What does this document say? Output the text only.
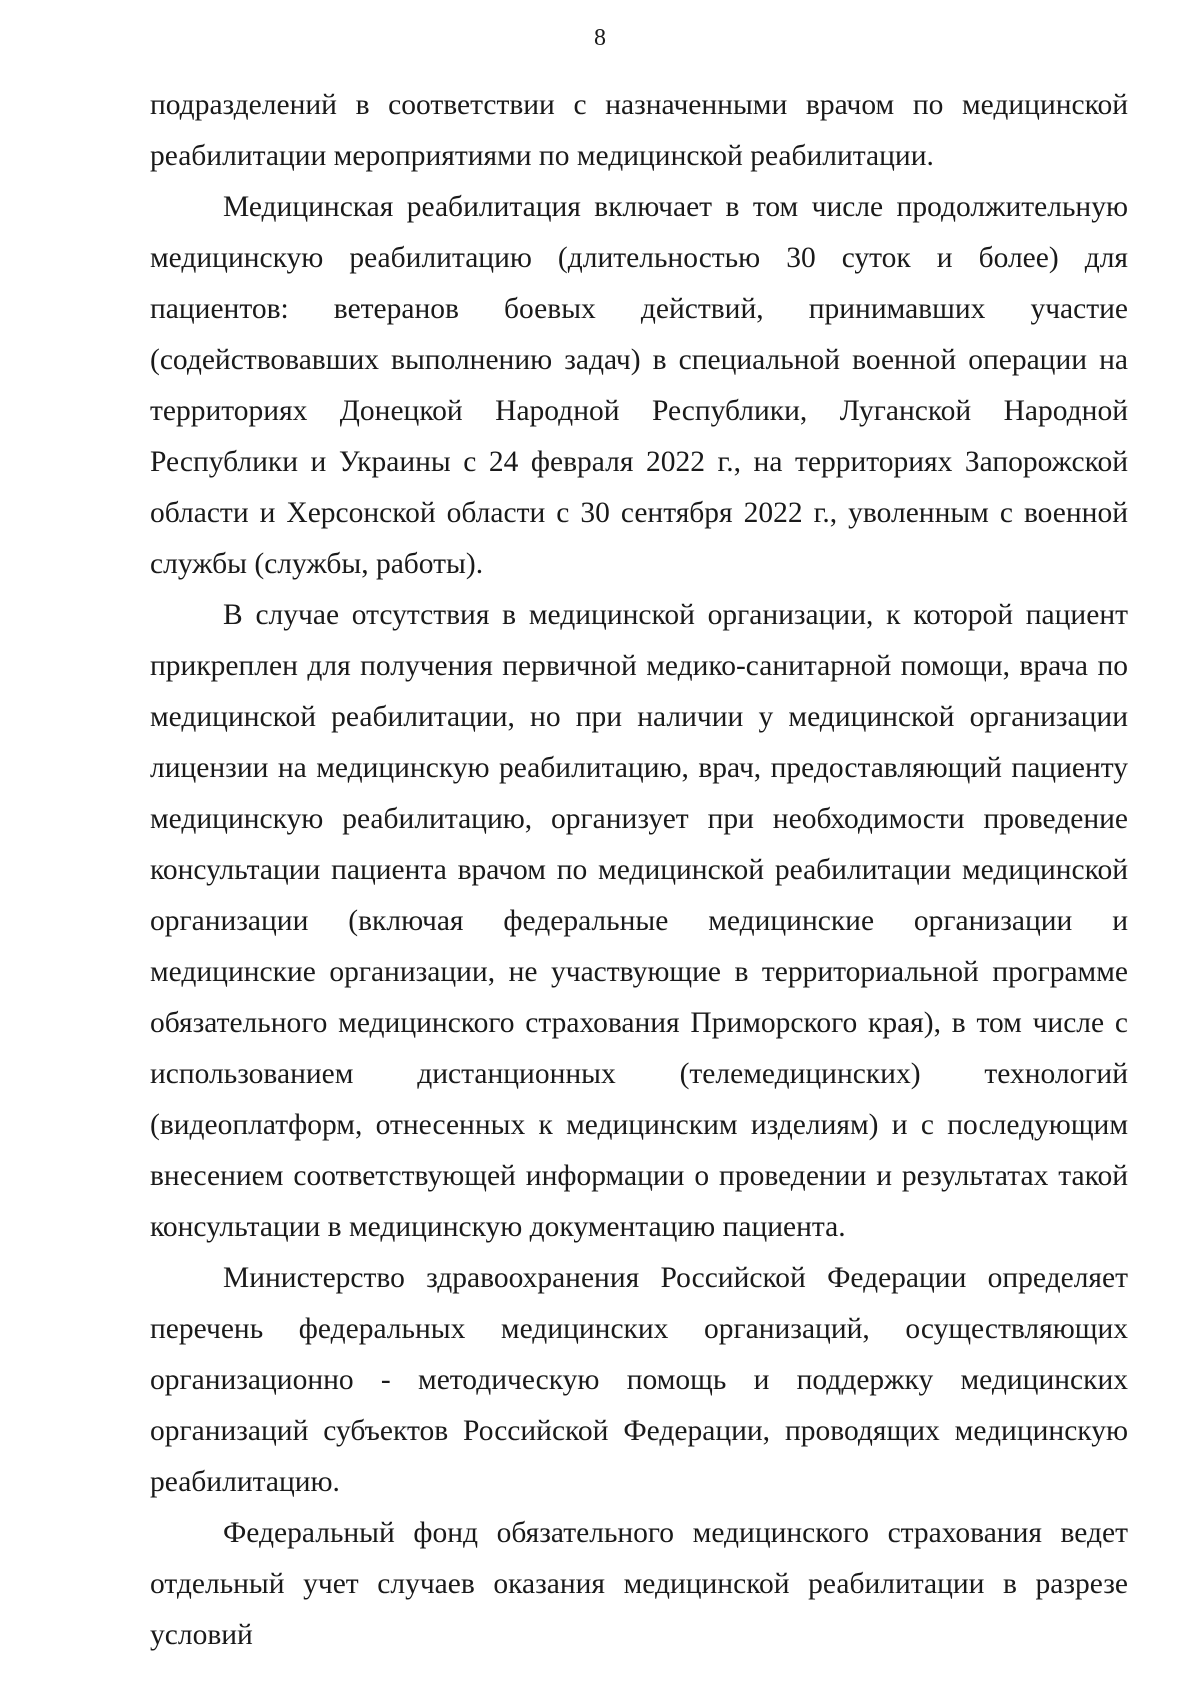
8

подразделений в соответствии с назначенными врачом по медицинской реабилитации мероприятиями по медицинской реабилитации.

Медицинская реабилитация включает в том числе продолжительную медицинскую реабилитацию (длительностью 30 суток и более) для пациентов: ветеранов боевых действий, принимавших участие (содействовавших выполнению задач) в специальной военной операции на территориях Донецкой Народной Республики, Луганской Народной Республики и Украины с 24 февраля 2022 г., на территориях Запорожской области и Херсонской области с 30 сентября 2022 г., уволенным с военной службы (службы, работы).

В случае отсутствия в медицинской организации, к которой пациент прикреплен для получения первичной медико-санитарной помощи, врача по медицинской реабилитации, но при наличии у медицинской организации лицензии на медицинскую реабилитацию, врач, предоставляющий пациенту медицинскую реабилитацию, организует при необходимости проведение консультации пациента врачом по медицинской реабилитации медицинской организации (включая федеральные медицинские организации и медицинские организации, не участвующие в территориальной программе обязательного медицинского страхования Приморского края), в том числе с использованием дистанционных (телемедицинских) технологий (видеоплатформ, отнесенных к медицинским изделиям) и с последующим внесением соответствующей информации о проведении и результатах такой консультации в медицинскую документацию пациента.

Министерство здравоохранения Российской Федерации определяет перечень федеральных медицинских организаций, осуществляющих организационно - методическую помощь и поддержку медицинских организаций субъектов Российской Федерации, проводящих медицинскую реабилитацию.

Федеральный фонд обязательного медицинского страхования ведет отдельный учет случаев оказания медицинской реабилитации в разрезе условий
